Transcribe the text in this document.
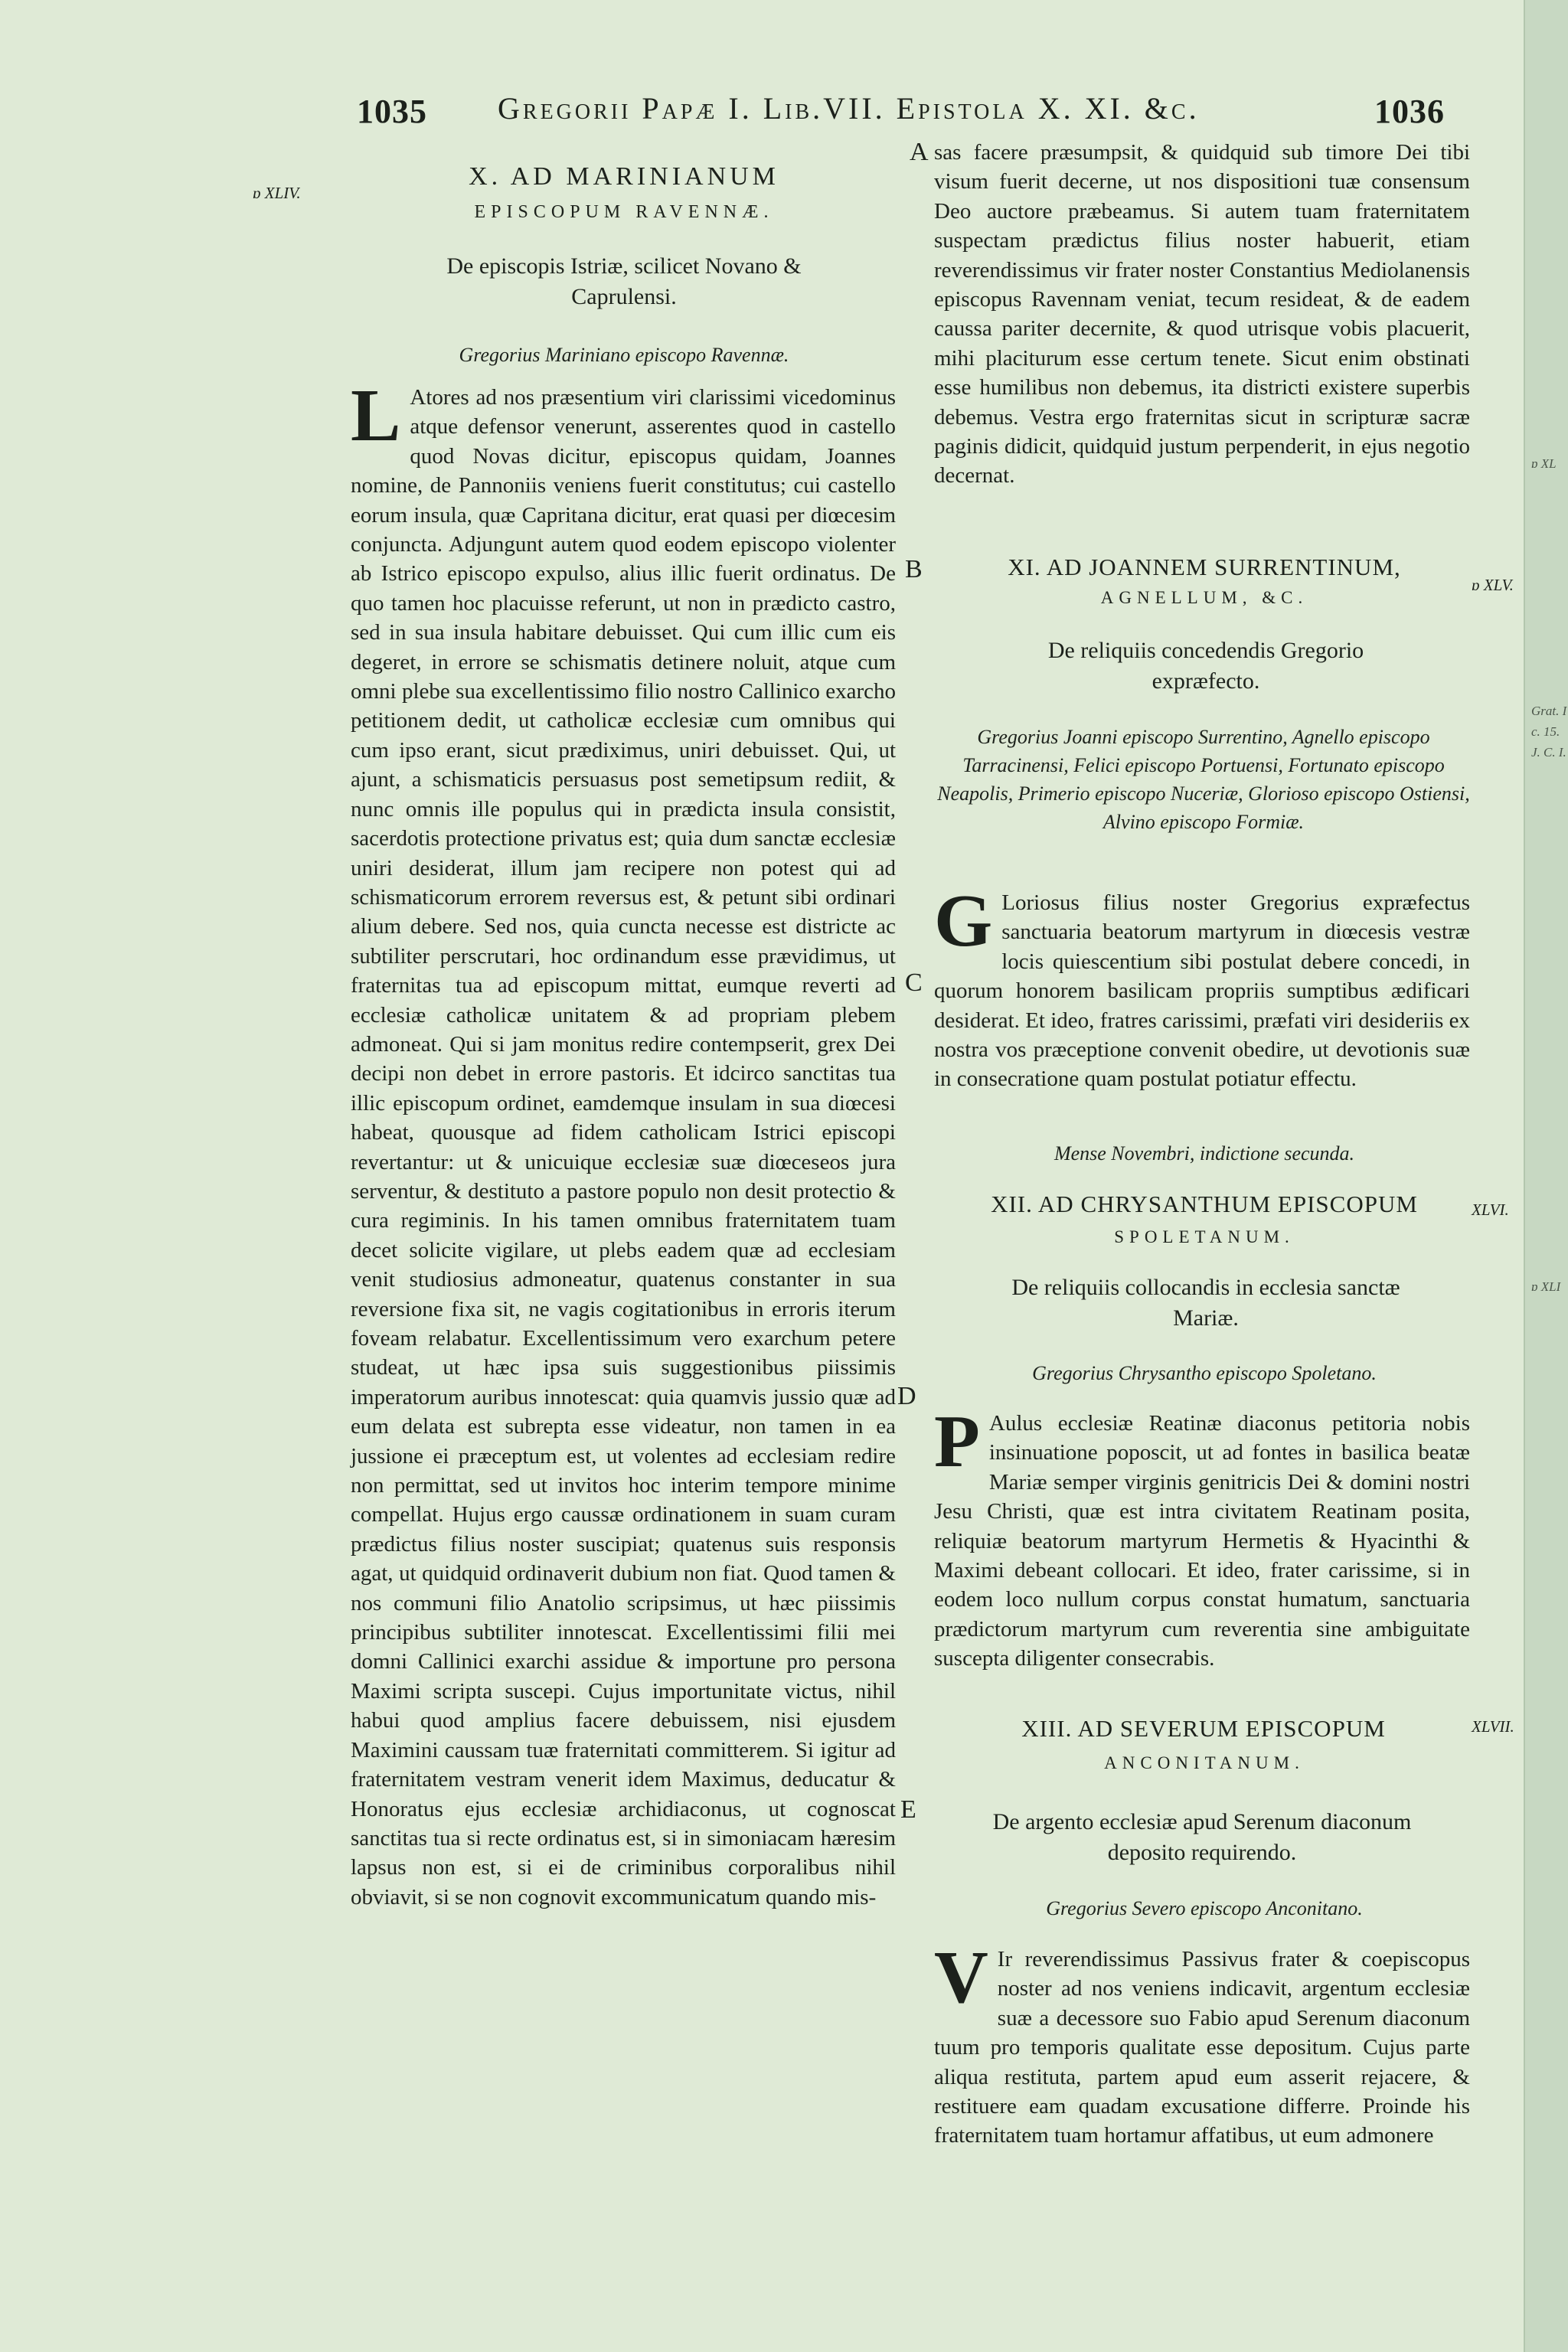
1035 Gregorii Papæ I. Lib.VII. Epistola X. XI. &c.	1036
ɒ XLIV.
A
B
C
D
E
X. AD MARINIANUM
EPISCOPUM RAVENNÆ.
De episcopis Istriæ, scilicet Novano & Caprulensi.
Gregorius Mariniano episcopo Ravennæ.

L Atores ad nos præsentium viri clarissimi vicedominus atque defensor venerunt, asserentes quod in castello quod Novas dicitur, episcopus quidam, Joannes nomine, de Pannoniis veniens fuerit constitutus; cui castello eorum insula, quæ Capritana dicitur, erat quasi per diœcesim conjuncta. Adjungunt autem quod eodem episcopo violenter ab Istrico episcopo expulso, alius illic fuerit ordinatus. De quo tamen hoc placuisse referunt, ut non in prædicto castro, sed in sua insula habitare debuisset. Qui cum illic cum eis degeret, in errore se schismatis detinere noluit, atque cum omni plebe sua excellentissimo filio nostro Callinico exarcho petitionem dedit, ut catholicæ ecclesiæ cum omnibus qui cum ipso erant, sicut prædiximus, uniri debuisset. Qui, ut ajunt, a schismaticis persuasus post semetipsum rediit, & nunc omnis ille populus qui in prædicta insula consistit, sacerdotis protectione privatus est; quia dum sanctæ ecclesiæ uniri desiderat, illum jam recipere non potest qui ad schismaticorum errorem reversus est, & petunt sibi ordinari alium debere. Sed nos, quia cuncta necesse est districte ac subtiliter perscrutari, hoc ordinandum esse prævidimus, ut fraternitas tua ad episcopum mittat, eumque reverti ad ecclesiæ catholicæ unitatem & ad propriam plebem admoneat. Qui si jam monitus redire contempserit, grex Dei decipi non debet in errore pastoris. Et idcirco sanctitas tua illic episcopum ordinet, eamdemque insulam in sua diœcesi habeat, quousque ad fidem catholicam Istrici episcopi revertantur: ut & unicuique ecclesiæ suæ diœceseos jura serventur, & destituto a pastore populo non desit protectio & cura regiminis. In his tamen omnibus fraternitatem tuam decet solicite vigilare, ut plebs eadem quæ ad ecclesiam venit studiosius admoneatur, quatenus constanter in sua reversione fixa sit, ne vagis cogitationibus in erroris iterum foveam relabatur. Excellentissimum vero exarchum petere studeat, ut hæc ipsa suis suggestionibus piissimis imperatorum auribus innotescat: quia quamvis jussio quæ ad eum delata est subrepta esse videatur, non tamen in ea jussione ei præceptum est, ut volentes ad ecclesiam redire non permittat, sed ut invitos hoc interim tempore minime compellat. Hujus ergo caussæ ordinationem in suam curam prædictus filius noster suscipiat; quatenus suis responsis agat, ut quidquid ordinaverit dubium non fiat. Quod tamen & nos communi filio Anatolio scripsimus, ut hæc piissimis principibus subtiliter innotescat. Excellentissimi filii mei domni Callinici exarchi assidue & importune pro persona Maximi scripta suscepi. Cujus importunitate victus, nihil habui quod amplius facere debuissem, nisi ejusdem Maximini caussam tuæ fraternitati committerem. Si igitur ad fraternitatem vestram venerit idem Maximus, deducatur & Honoratus ejus ecclesiæ archidiaconus, ut cognoscat sanctitas tua si recte ordinatus est, si in simoniacam hæresim lapsus non est, si ei de criminibus corporalibus nihil obviavit, si se non cognovit excommunicatum quando mis-

sas facere præsumpsit, & quidquid sub timore Dei tibi visum fuerit decerne, ut nos dispositioni tuæ consensum Deo auctore præbeamus. Si autem tuam fraternitatem suspectam prædictus filius noster habuerit, etiam reverendissimus vir frater noster Constantius Mediolanensis episcopus Ravennam veniat, tecum resideat, & de eadem caussa pariter decernite, & quod utrisque vobis placuerit, mihi placiturum esse certum tenete. Sicut enim obstinati esse humilibus non debemus, ita districti existere superbis debemus. Vestra ergo fraternitas sicut in scripturæ sacræ paginis didicit, quidquid justum perpenderit, in ejus negotio decernat.

ɒ XLV.
XI. AD JOANNEM SURRENTINUM,
AGNELLUM, &C.
De reliquiis concedendis Gregorio expræfecto.
Gregorius Joanni episcopo Surrentino, Agnello episcopo Tarracinensi, Felici episcopo Portuensi, Fortunato episcopo Neapolis, Primerio episcopo Nuceriæ, Glorioso episcopo Ostiensi, Alvino episcopo Formiæ.

G Loriosus filius noster Gregorius expræfectus sanctuaria beatorum martyrum in diœcesis vestræ locis quiescentium sibi postulat debere concedi, in quorum honorem basilicam propriis sumptibus ædificari desiderat. Et ideo, fratres carissimi, præfati viri desideriis ex nostra vos præceptione convenit obedire, ut devotionis suæ in consecratione quam postulat potiatur effectu.

Mense Novembri, indictione secunda.
XLVI.
XII. AD CHRYSANTHUM EPISCOPUM
SPOLETANUM.
De reliquiis collocandis in ecclesia sanctæ Mariæ.
Gregorius Chrysantho episcopo Spoletano.

P Aulus ecclesiæ Reatinæ diaconus petitoria nobis insinuatione poposcit, ut ad fontes in basilica beatæ Mariæ semper virginis genitricis Dei & domini nostri Jesu Christi, quæ est intra civitatem Reatinam posita, reliquiæ beatorum martyrum Hermetis & Hyacinthi & Maximi debeant collocari. Et ideo, frater carissime, si in eodem loco nullum corpus constat humatum, sanctuaria prædictorum martyrum cum reverentia sine ambiguitate suscepta diligenter consecrabis.

XLVII.
XIII. AD SEVERUM EPISCOPUM
ANCONITANUM.
De argento ecclesiæ apud Serenum diaconum deposito requirendo.
Gregorius Severo episcopo Anconitano.

V Ir reverendissimus Passivus frater & coepiscopus noster ad nos veniens indicavit, argentum ecclesiæ suæ a decessore suo Fabio apud Serenum diaconum tuum pro temporis qualitate esse depositum. Cujus parte aliqua restituta, partem apud eum asserit rejacere, & restituere eam quadam excusatione differre. Proinde his fraternitatem tuam hortamur affatibus, ut eum admonere

ɒ XL
Grat. I
c. 15.
J. C. I.
ɒ XLI
